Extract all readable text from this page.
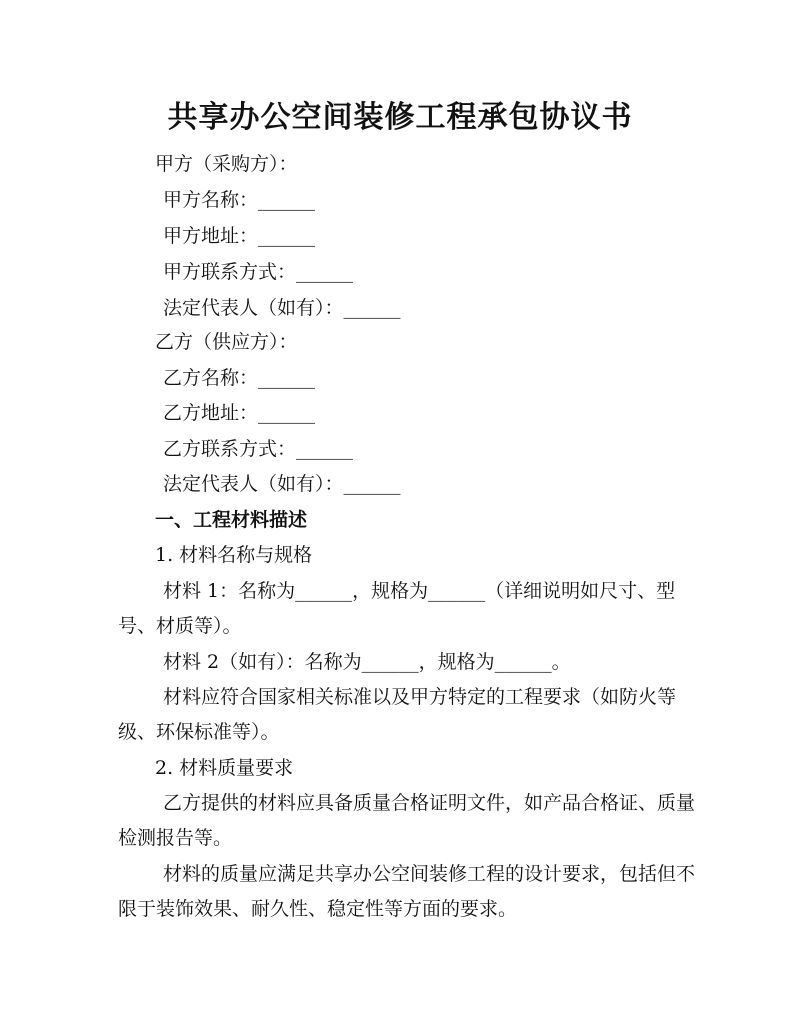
共享办公空间装修工程承包协议书
甲方（采购方）：
甲方名称：______
甲方地址：______
甲方联系方式：______
法定代表人（如有）：______
乙方（供应方）：
乙方名称：______
乙方地址：______
乙方联系方式：______
法定代表人（如有）：______
一、工程材料描述
1. 材料名称与规格
材料 1：名称为______，规格为______（详细说明如尺寸、型
号、材质等）。
材料 2（如有）：名称为______，规格为______。
材料应符合国家相关标准以及甲方特定的工程要求（如防火等
级、环保标准等）。
2. 材料质量要求
乙方提供的材料应具备质量合格证明文件，如产品合格证、质量
检测报告等。
材料的质量应满足共享办公空间装修工程的设计要求，包括但不
限于装饰效果、耐久性、稳定性等方面的要求。
